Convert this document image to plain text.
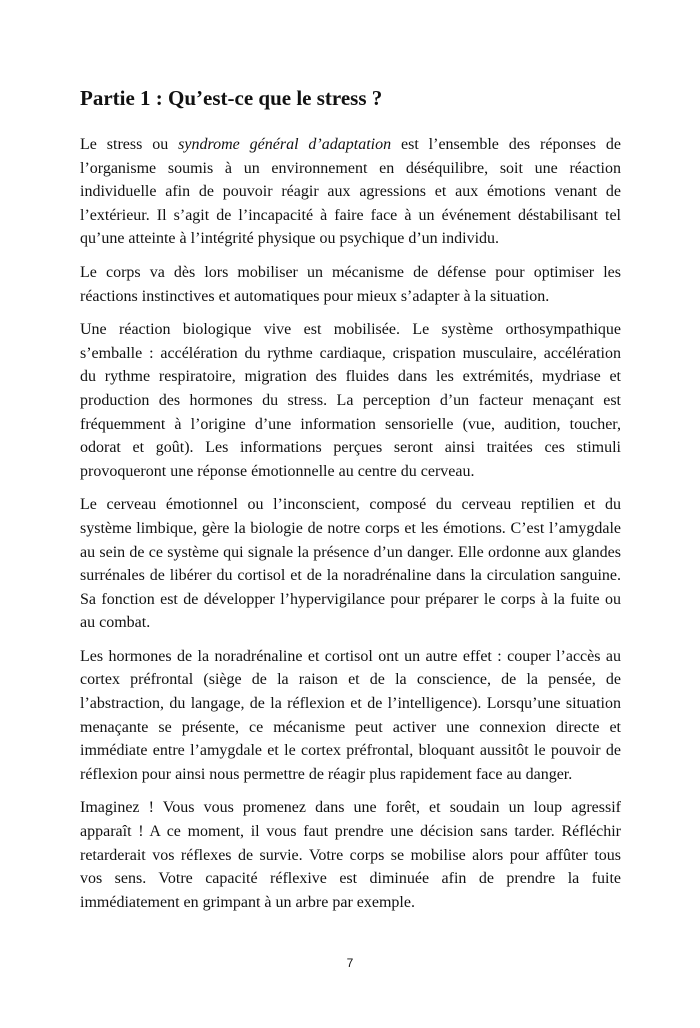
Partie 1 : Qu’est-ce que le stress ?

Le stress ou syndrome général d’adaptation est l’ensemble des réponses de
l’organisme soumis à un environnement en déséquilibre, soit une réaction
individuelle afin de pouvoir réagir aux agressions et aux émotions venant de
l’extérieur. Il s’agit de l’incapacité à faire face à un événement déstabilisant tel
qu’une atteinte à l’intégrité physique ou psychique d’un individu.

Le corps va dès lors mobiliser un mécanisme de défense pour optimiser les
réactions instinctives et automatiques pour mieux s’adapter à la situation.

Une réaction biologique vive est mobilisée. Le système orthosympathique
s’emballe : accélération du rythme cardiaque, crispation musculaire, accélération
du rythme respiratoire, migration des fluides dans les extrémités, mydriase et
production des hormones du stress. La perception d’un facteur menaçant est
fréquemment à l’origine d’une information sensorielle (vue, audition, toucher,
odorat et goût). Les informations perçues seront ainsi traitées ces stimuli
provoqueront une réponse émotionnelle au centre du cerveau.

Le cerveau émotionnel ou l’inconscient, composé du cerveau reptilien et du
système limbique, gère la biologie de notre corps et les émotions. C’est l’amygdale
au sein de ce système qui signale la présence d’un danger. Elle ordonne aux glandes
surrénales de libérer du cortisol et de la noradrénaline dans la circulation sanguine.
Sa fonction est de développer l’hypervigilance pour préparer le corps à la fuite ou
au combat.

Les hormones de la noradrénaline et cortisol ont un autre effet : couper l’accès au
cortex préfrontal (siège de la raison et de la conscience, de la pensée, de
l’abstraction, du langage, de la réflexion et de l’intelligence). Lorsqu’une situation
menaçante se présente, ce mécanisme peut activer une connexion directe et
immédiate entre l’amygdale et le cortex préfrontal, bloquant aussitôt le pouvoir de
réflexion pour ainsi nous permettre de réagir plus rapidement face au danger.

Imaginez ! Vous vous promenez dans une forêt, et soudain un loup agressif
apparaît ! A ce moment, il vous faut prendre une décision sans tarder. Réfléchir
retarderait vos réflexes de survie. Votre corps se mobilise alors pour affûter tous
vos sens. Votre capacité réflexive est diminuée afin de prendre la fuite
immédiatement en grimpant à un arbre par exemple.

7
